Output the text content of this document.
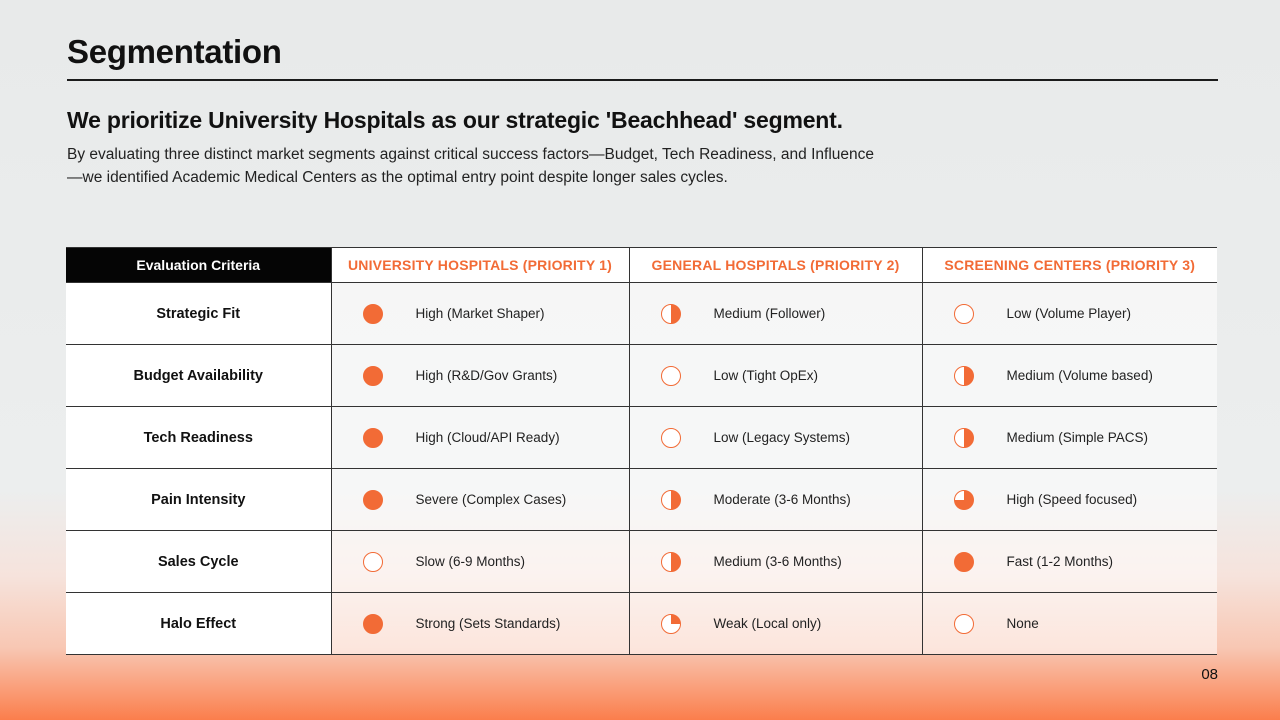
Segmentation
We prioritize University Hospitals as our strategic 'Beachhead' segment.

By evaluating three distinct market segments against critical success factors—Budget, Tech Readiness, and Influence—we identified Academic Medical Centers as the optimal entry point despite longer sales cycles.

Evaluation Criteria	UNIVERSITY HOSPITALS (PRIORITY 1)	GENERAL HOSPITALS (PRIORITY 2)	SCREENING CENTERS (PRIORITY 3)
Strategic Fit	High (Market Shaper)	Medium (Follower)	Low (Volume Player)

Budget Availability	High (R&D/Gov Grants)	Low (Tight OpEx)	Medium (Volume based)

Tech Readiness	High (Cloud/API Ready)	Low (Legacy Systems)	Medium (Simple PACS)

Pain Intensity	Severe (Complex Cases)	Moderate (3-6 Months)	High (Speed focused)

Sales Cycle	Slow (6-9 Months)	Medium (3-6 Months)	Fast (1-2 Months)

Halo Effect	Strong (Sets Standards)	Weak (Local only)	None
08
